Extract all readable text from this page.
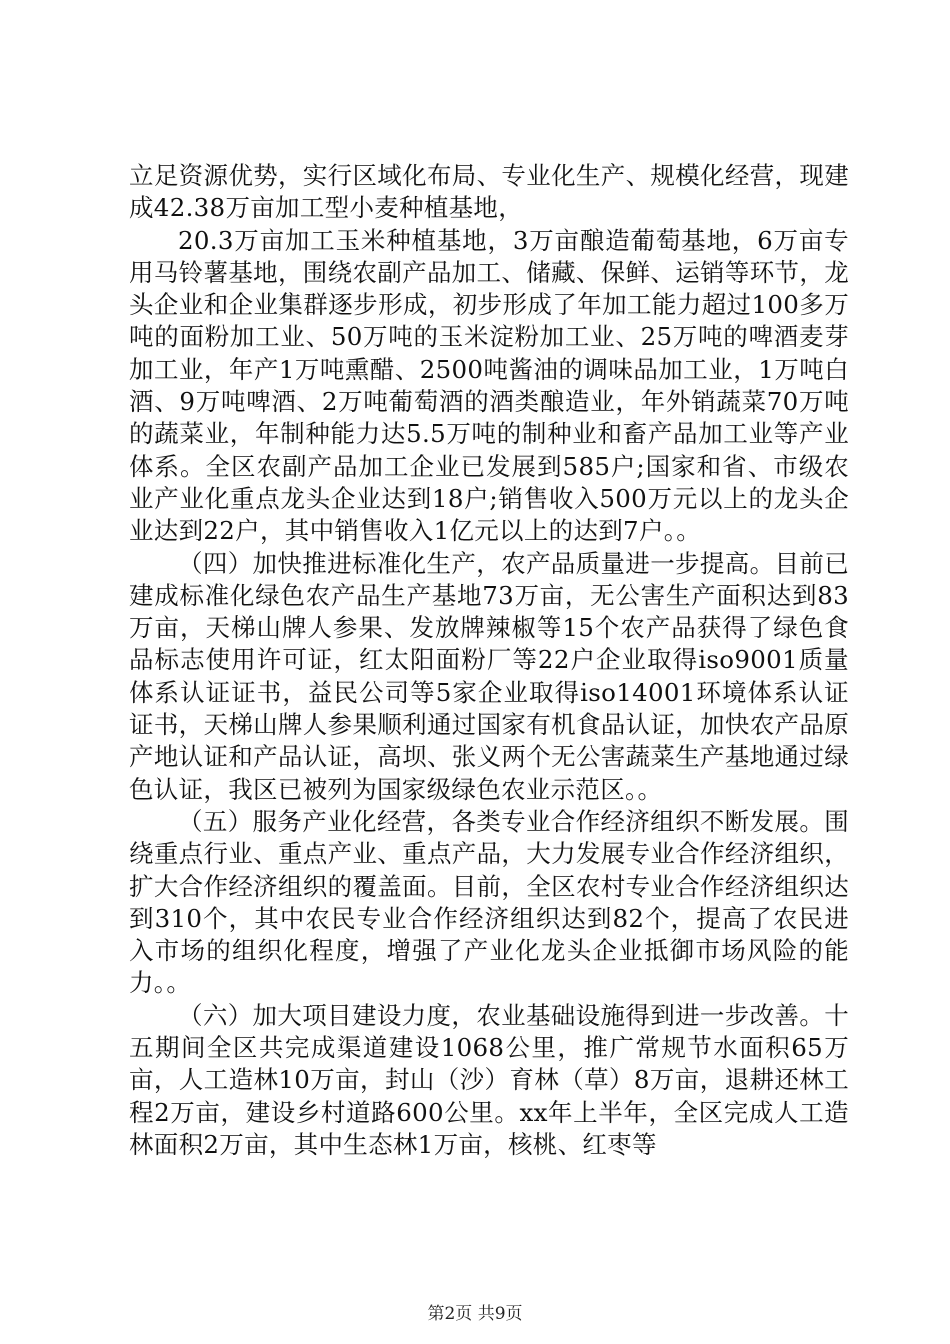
立足资源优势，实行区域化布局、专业化生产、规模化经营，现建成42.38万亩加工型小麦种植基地，

20.3万亩加工玉米种植基地，3万亩酿造葡萄基地，6万亩专用马铃薯基地，围绕农副产品加工、储藏、保鲜、运销等环节，龙头企业和企业集群逐步形成，初步形成了年加工能力超过100多万吨的面粉加工业、50万吨的玉米淀粉加工业、25万吨的啤酒麦芽加工业，年产1万吨熏醋、2500吨酱油的调味品加工业，1万吨白酒、9万吨啤酒、2万吨葡萄酒的酒类酿造业，年外销蔬菜70万吨的蔬菜业，年制种能力达5.5万吨的制种业和畜产品加工业等产业体系。全区农副产品加工企业已发展到585户;国家和省、市级农业产业化重点龙头企业达到18户;销售收入500万元以上的龙头企业达到22户，其中销售收入1亿元以上的达到7户。。

（四）加快推进标准化生产，农产品质量进一步提高。目前已建成标准化绿色农产品生产基地73万亩，无公害生产面积达到83万亩，天梯山牌人参果、发放牌辣椒等15个农产品获得了绿色食品标志使用许可证，红太阳面粉厂等22户企业取得iso9001质量体系认证证书，益民公司等5家企业取得iso14001环境体系认证证书，天梯山牌人参果顺利通过国家有机食品认证，加快农产品原产地认证和产品认证，高坝、张义两个无公害蔬菜生产基地通过绿色认证，我区已被列为国家级绿色农业示范区。。

（五）服务产业化经营，各类专业合作经济组织不断发展。围绕重点行业、重点产业、重点产品，大力发展专业合作经济组织，扩大合作经济组织的覆盖面。目前，全区农村专业合作经济组织达到310个，其中农民专业合作经济组织达到82个，提高了农民进入市场的组织化程度，增强了产业化龙头企业抵御市场风险的能力。。

（六）加大项目建设力度，农业基础设施得到进一步改善。十五期间全区共完成渠道建设1068公里，推广常规节水面积65万亩，人工造林10万亩，封山（沙）育林（草）8万亩，退耕还林工程2万亩，建设乡村道路600公里。xx年上半年，全区完成人工造林面积2万亩，其中生态林1万亩，核桃、红枣等

第2页 共9页
